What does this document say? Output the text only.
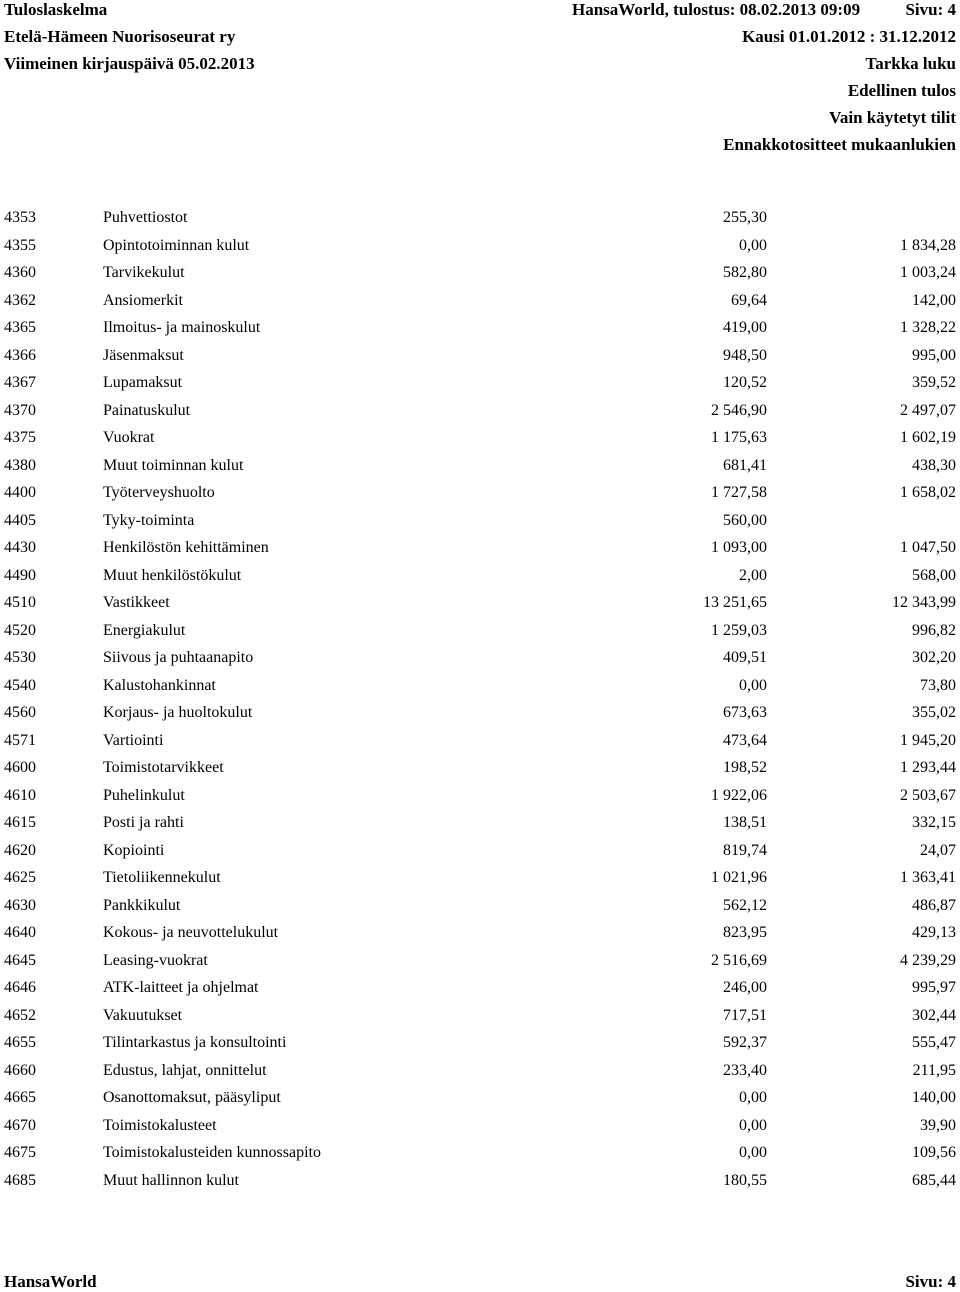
Tuloslaskelma
Etelä-Hämeen Nuorisoseurat ry
Viimeinen kirjauspäivä 05.02.2013
HansaWorld, tulostus: 08.02.2013 09:09	Sivu: 4
Kausi 01.01.2012 : 31.12.2012
Tarkka luku
Edellinen tulos
Vain käytetyt tilit
Ennakkotositteet mukaanlukien
4353	Puhvettiostot	255,30
4355	Opintotoiminnan kulut	0,00	1 834,28
4360	Tarvikekulut	582,80	1 003,24
4362	Ansiomerkit	69,64	142,00
4365	Ilmoitus- ja mainoskulut	419,00	1 328,22
4366	Jäsenmaksut	948,50	995,00
4367	Lupamaksut	120,52	359,52
4370	Painatuskulut	2 546,90	2 497,07
4375	Vuokrat	1 175,63	1 602,19
4380	Muut toiminnan kulut	681,41	438,30
4400	Työterveyshuolto	1 727,58	1 658,02
4405	Tyky-toiminta	560,00
4430	Henkilöstön kehittäminen	1 093,00	1 047,50
4490	Muut henkilöstökulut	2,00	568,00
4510	Vastikkeet	13 251,65	12 343,99
4520	Energiakulut	1 259,03	996,82
4530	Siivous ja puhtaanapito	409,51	302,20
4540	Kalustohankinnat	0,00	73,80
4560	Korjaus- ja huoltokulut	673,63	355,02
4571	Vartiointi	473,64	1 945,20
4600	Toimistotarvikkeet	198,52	1 293,44
4610	Puhelinkulut	1 922,06	2 503,67
4615	Posti ja rahti	138,51	332,15
4620	Kopiointi	819,74	24,07
4625	Tietoliikennekulut	1 021,96	1 363,41
4630	Pankkikulut	562,12	486,87
4640	Kokous- ja neuvottelukulut	823,95	429,13
4645	Leasing-vuokrat	2 516,69	4 239,29
4646	ATK-laitteet ja ohjelmat	246,00	995,97
4652	Vakuutukset	717,51	302,44
4655	Tilintarkastus ja konsultointi	592,37	555,47
4660	Edustus, lahjat, onnittelut	233,40	211,95
4665	Osanottomaksut, pääsyliput	0,00	140,00
4670	Toimistokalusteet	0,00	39,90
4675	Toimistokalusteiden kunnossapito	0,00	109,56
4685	Muut hallinnon kulut	180,55	685,44
HansaWorld	Sivu: 4
